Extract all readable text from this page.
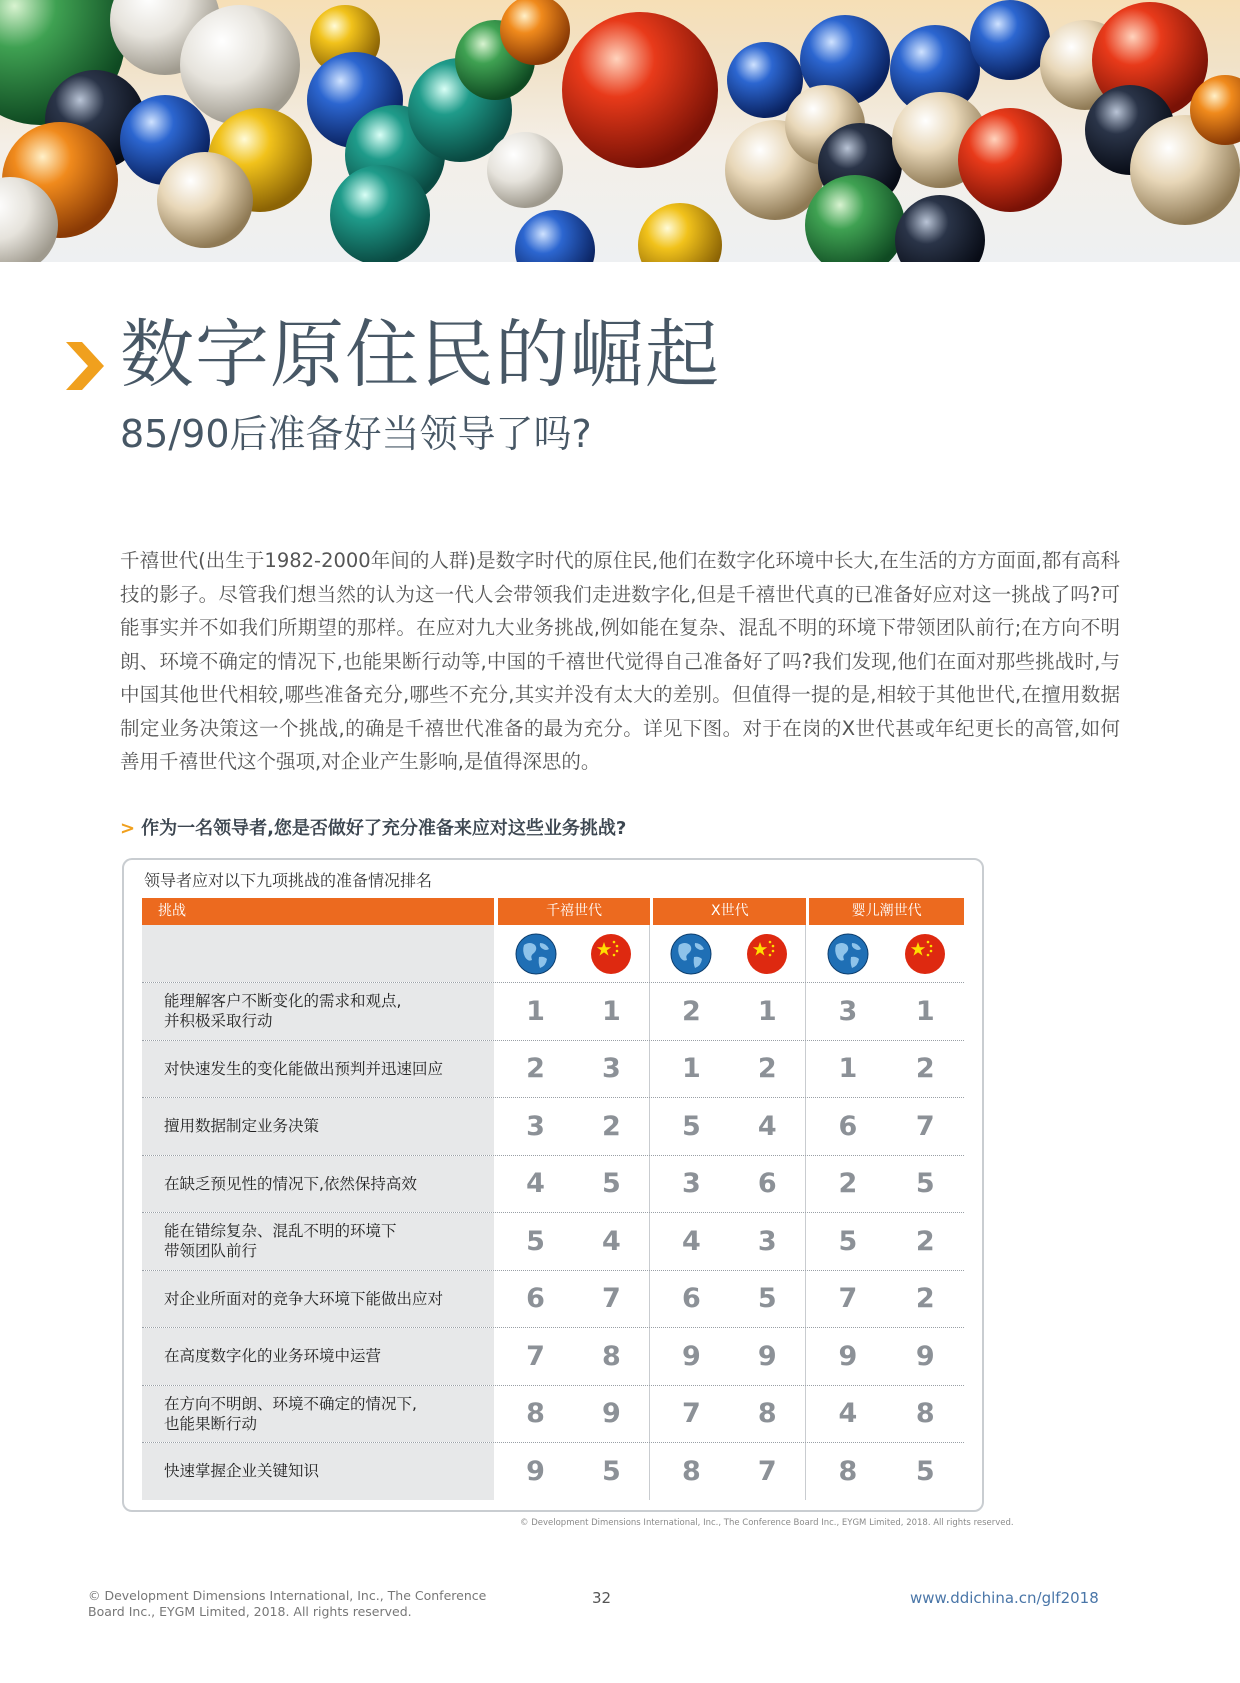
数字原住民的崛起
85/90后准备好当领导了吗?

千禧世代(出生于1982-2000年间的人群)是数字时代的原住民,他们在数字化环境中长大,在生活的方方面面,都有高科技的影子。尽管我们想当然的认为这一代人会带领我们走进数字化,但是千禧世代真的已准备好应对这一挑战了吗?可能事实并不如我们所期望的那样。在应对九大业务挑战,例如能在复杂、混乱不明的环境下带领团队前行;在方向不明朗、环境不确定的情况下,也能果断行动等,中国的千禧世代觉得自己准备好了吗?我们发现,他们在面对那些挑战时,与中国其他世代相较,哪些准备充分,哪些不充分,其实并没有太大的差别。但值得一提的是,相较于其他世代,在擅用数据制定业务决策这一个挑战,的确是千禧世代准备的最为充分。详见下图。对于在岗的X世代甚或年纪更长的高管,如何善用千禧世代这个强项,对企业产生影响,是值得深思的。

> 作为一名领导者,您是否做好了充分准备来应对这些业务挑战?

领导者应对以下九项挑战的准备情况排名
挑战	千禧世代	X世代	婴儿潮世代
能理解客户不断变化的需求和观点,
并积极采取行动	1	1	2	1	3	1
对快速发生的变化能做出预判并迅速回应	2	3	1	2	1	2
擅用数据制定业务决策	3	2	5	4	6	7
在缺乏预见性的情况下,依然保持高效	4	5	3	6	2	5
能在错综复杂、混乱不明的环境下
带领团队前行	5	4	4	3	5	2
对企业所面对的竞争大环境下能做出应对	6	7	6	5	7	2
在高度数字化的业务环境中运营	7	8	9	9	9	9
在方向不明朗、环境不确定的情况下,
也能果断行动	8	9	7	8	4	8
快速掌握企业关键知识	9	5	8	7	8	5
© Development Dimensions International, Inc., The Conference Board Inc., EYGM Limited, 2018. All rights reserved.
© Development Dimensions International, Inc., The Conference Board Inc., EYGM Limited, 2018. All rights reserved.
32	www.ddichina.cn/glf2018
